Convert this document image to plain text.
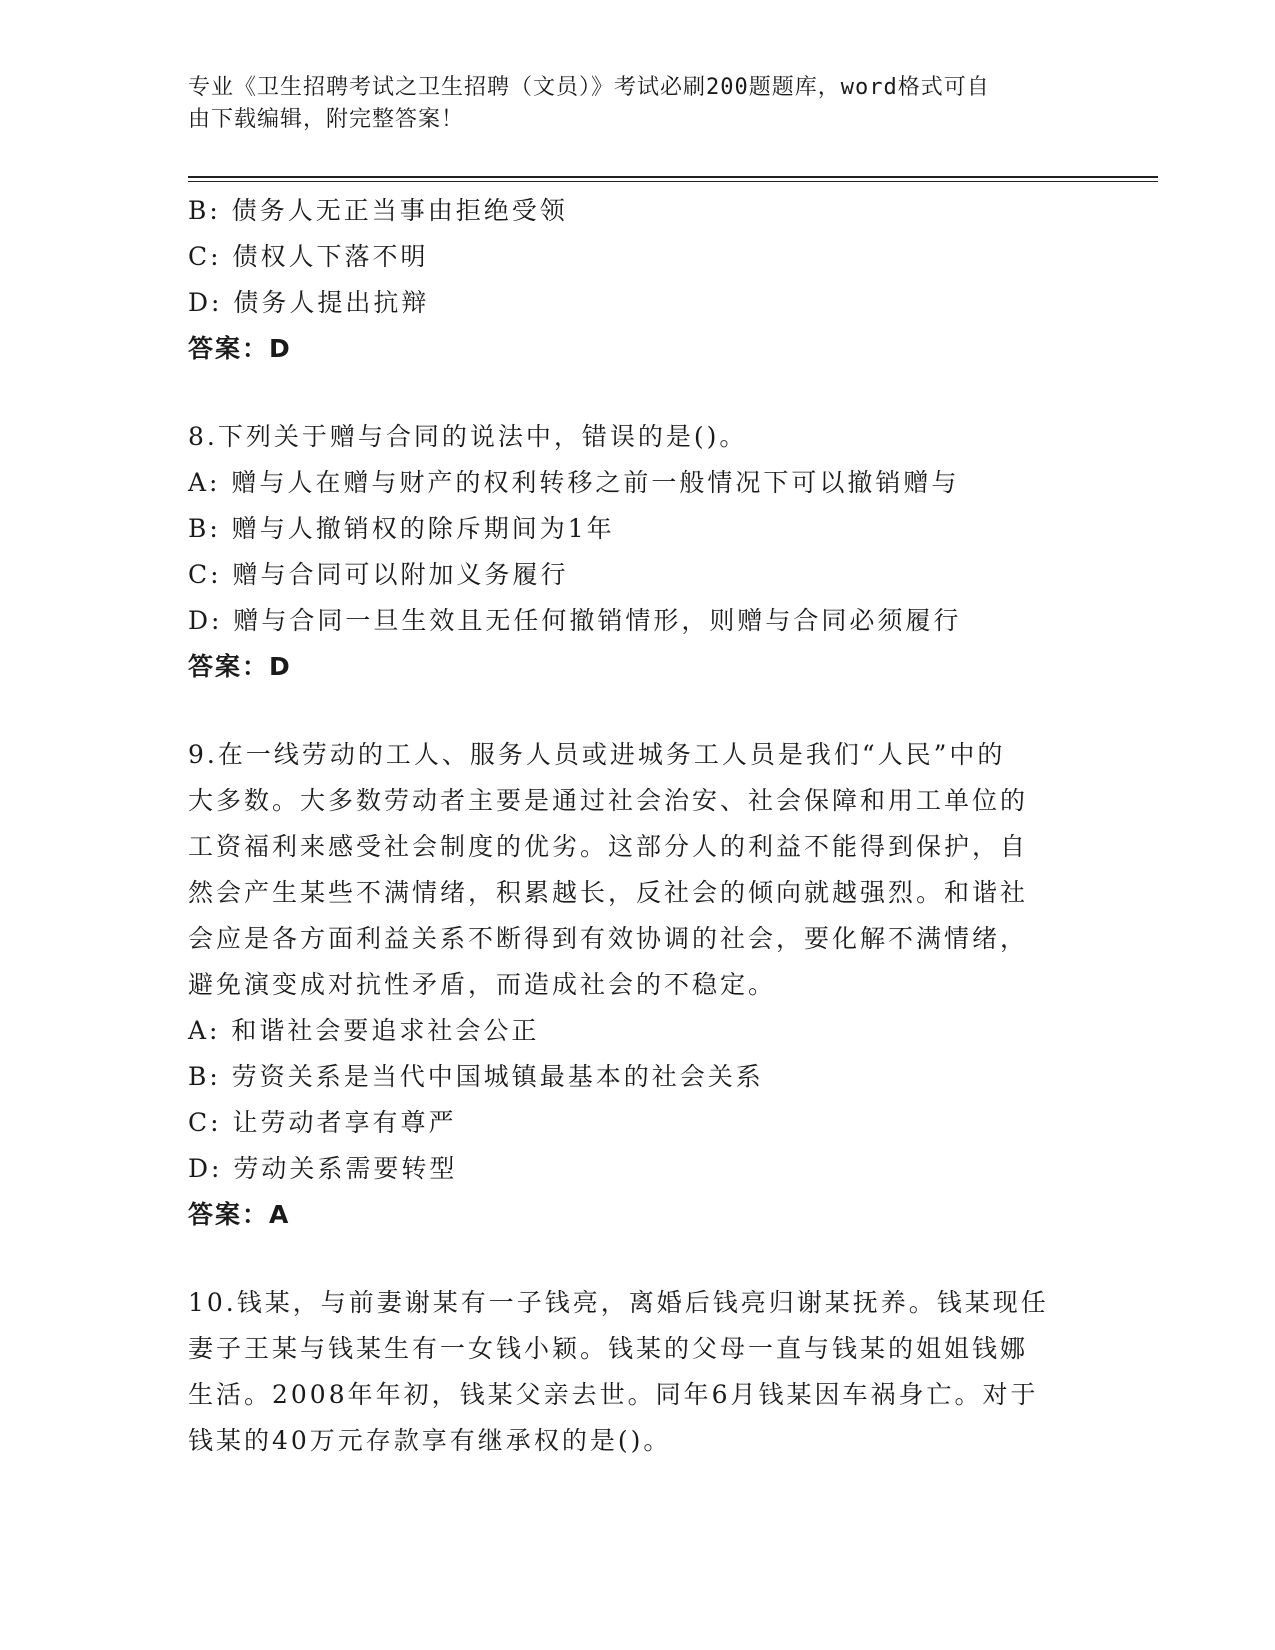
专业《卫生招聘考试之卫生招聘（文员）》考试必刷200题题库，word格式可自
由下载编辑，附完整答案！
B: 债务人无正当事由拒绝受领
C: 债权人下落不明
D: 债务人提出抗辩
答案：D
8.下列关于赠与合同的说法中，错误的是()。
A: 赠与人在赠与财产的权利转移之前一般情况下可以撤销赠与
B: 赠与人撤销权的除斥期间为1年
C: 赠与合同可以附加义务履行
D: 赠与合同一旦生效且无任何撤销情形，则赠与合同必须履行
答案：D
9.在一线劳动的工人、服务人员或进城务工人员是我们“人民”中的
大多数。大多数劳动者主要是通过社会治安、社会保障和用工单位的
工资福利来感受社会制度的优劣。这部分人的利益不能得到保护，自
然会产生某些不满情绪，积累越长，反社会的倾向就越强烈。和谐社
会应是各方面利益关系不断得到有效协调的社会，要化解不满情绪，
避免演变成对抗性矛盾，而造成社会的不稳定。
A: 和谐社会要追求社会公正
B: 劳资关系是当代中国城镇最基本的社会关系
C: 让劳动者享有尊严
D: 劳动关系需要转型
答案：A
10.钱某，与前妻谢某有一子钱亮，离婚后钱亮归谢某抚养。钱某现任
妻子王某与钱某生有一女钱小颖。钱某的父母一直与钱某的姐姐钱娜
生活。2008年年初，钱某父亲去世。同年6月钱某因车祸身亡。对于
钱某的40万元存款享有继承权的是()。
